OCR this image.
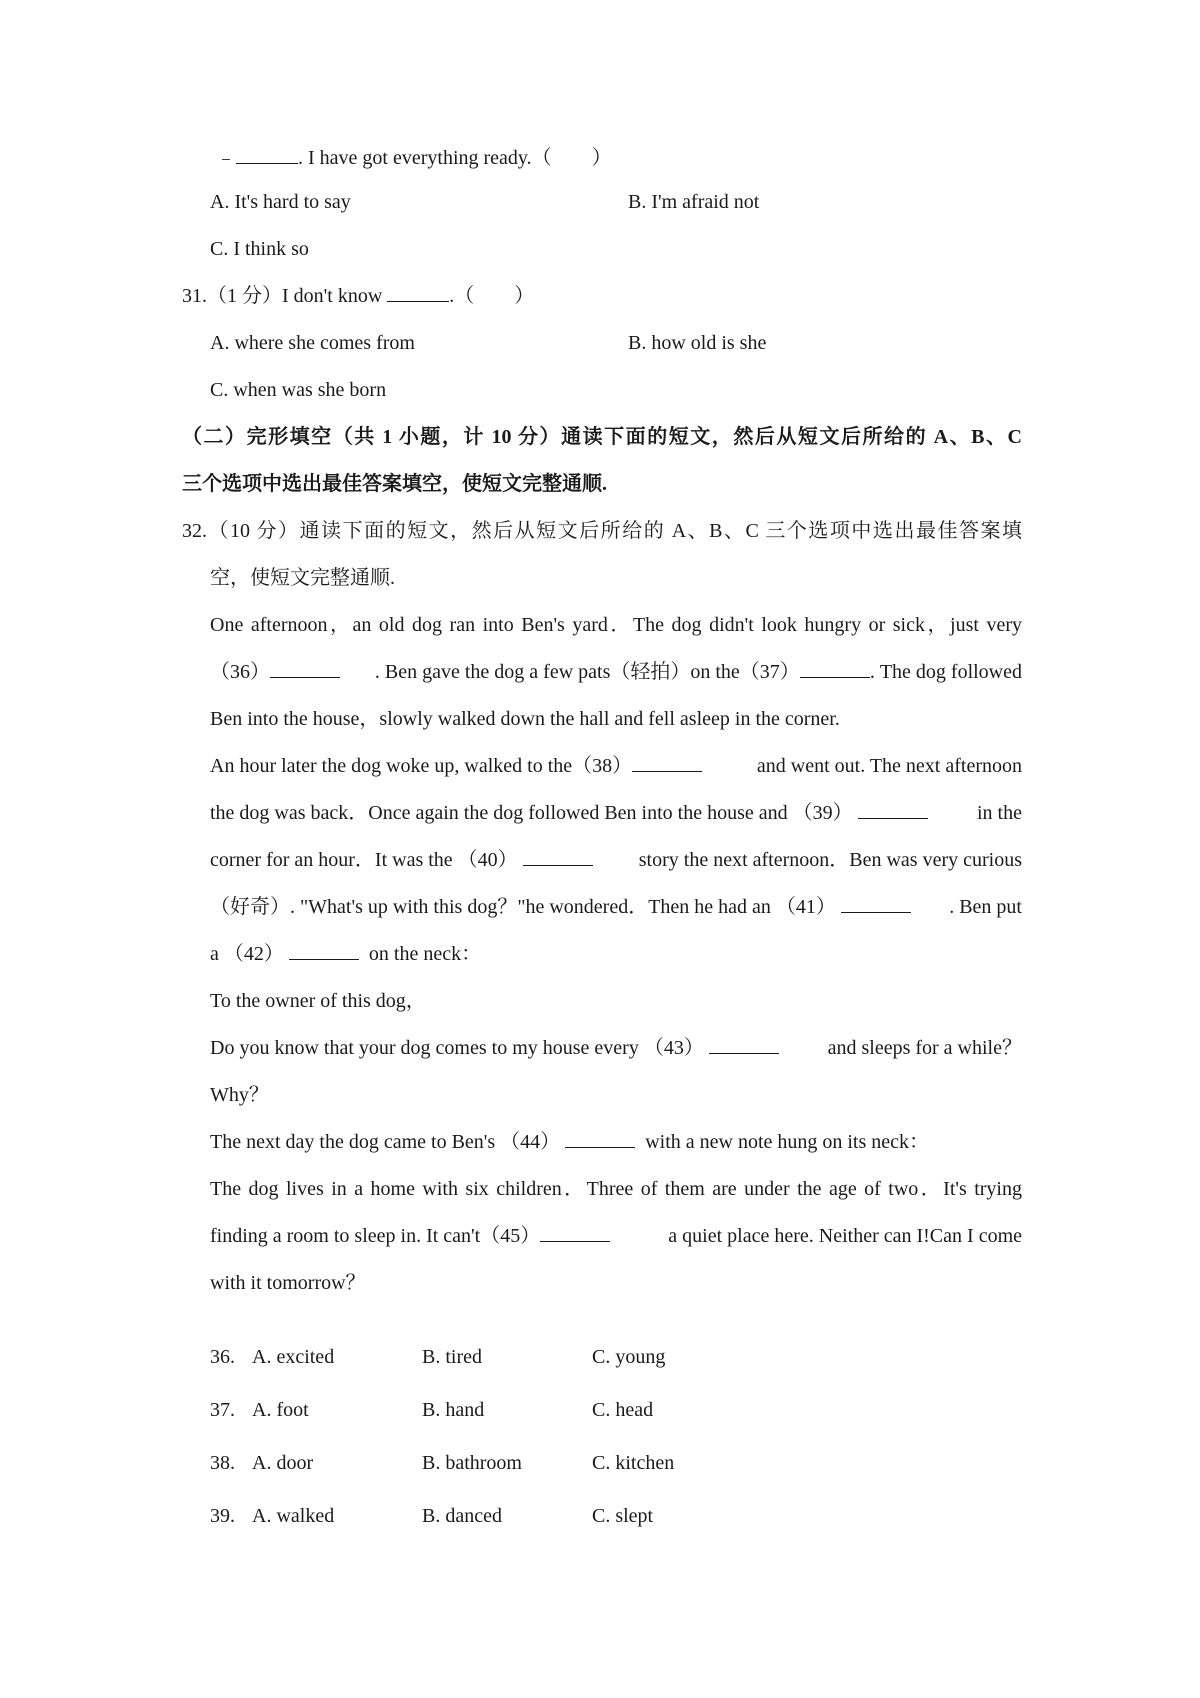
﹣	. I have got everything ready.（　　）
A. It's hard to say	B. I'm afraid not
C. I think so
31.（1 分）I don't know	.（　　）
A. where she comes from	B. how old is she
C. when was she born
（二）完形填空（共 1 小题，计 10 分）通读下面的短文，然后从短文后所给的 A、B、C
三个选项中选出最佳答案填空，使短文完整通顺.
32.（10 分）通读下面的短文，然后从短文后所给的 A、B、C 三个选项中选出最佳答案填
空，使短文完整通顺.
One afternoon，an old dog ran into Ben's yard．The dog didn't look hungry or sick，just very
（36）	. Ben gave the dog a few pats（轻拍）on the（37）	. The dog followed
Ben into the house，slowly walked down the hall and fell asleep in the corner.
An hour later the dog woke up, walked to the（38）	and went out. The next afternoon
the dog was back．Once again the dog followed Ben into the house and （39）	in the
corner for an hour．It was the （40）	story the next afternoon．Ben was very curious
（好奇）. "What's up with this dog？"he wondered．Then he had an （41）	. Ben put
a （42）	on the neck：
To the owner of this dog，
Do you know that your dog comes to my house every （43）	and sleeps for a while？
Why？
The next day the dog came to Ben's （44）	with a new note hung on its neck：
The dog lives in a home with six children．Three of them are under the age of two．It's trying
finding a room to sleep in. It can't（45）	a quiet place here. Neither can I!Can I come
with it tomorrow？
36. A. excited	B. tired	C. young
37. A. foot	B. hand	C. head
38. A. door	B. bathroom	C. kitchen
39. A. walked	B. danced	C. slept
